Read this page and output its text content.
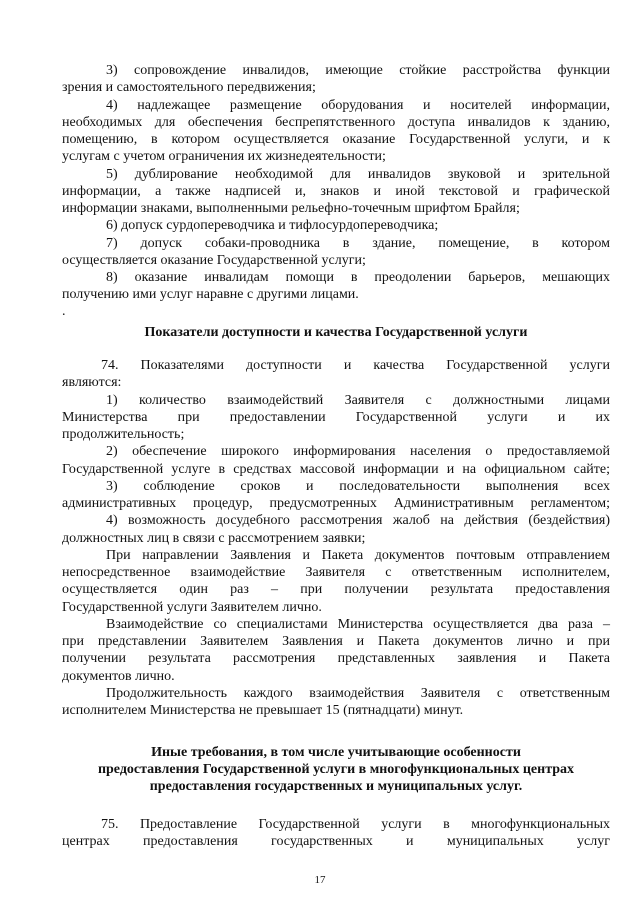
3) сопровождение инвалидов, имеющие стойкие расстройства функции
зрения и самостоятельного передвижения;
4) надлежащее размещение оборудования и носителей информации,
необходимых для обеспечения беспрепятственного доступа инвалидов к зданию,
помещению, в котором осуществляется оказание Государственной услуги, и к
услугам с учетом ограничения их жизнедеятельности;
5) дублирование необходимой для инвалидов звуковой и зрительной
информации, а также надписей и, знаков и иной текстовой и графической
информации знаками, выполненными рельефно-точечным шрифтом Брайля;
6) допуск сурдопереводчика и тифлосурдопереводчика;
7) допуск собаки-проводника в здание, помещение, в котором
осуществляется оказание Государственной услуги;
8) оказание инвалидам помощи в преодолении барьеров, мешающих
получению ими услуг наравне с другими лицами.
.
Показатели доступности и качества Государственной услуги
74. Показателями доступности и качества Государственной услуги
являются:
1) количество взаимодействий Заявителя с должностными лицами
Министерства при предоставлении Государственной услуги и их
продолжительность;
2) обеспечение широкого информирования населения о предоставляемой
Государственной услуге в средствах массовой информации и на официальном сайте;
3) соблюдение сроков и последовательности выполнения всех
административных процедур, предусмотренных Административным регламентом;
4) возможность досудебного рассмотрения жалоб на действия (бездействия)
должностных лиц в связи с рассмотрением заявки;
При направлении Заявления и Пакета документов почтовым отправлением
непосредственное взаимодействие Заявителя с ответственным исполнителем,
осуществляется один раз – при получении результата предоставления
Государственной услуги Заявителем лично.
Взаимодействие со специалистами Министерства осуществляется два раза –
при представлении Заявителем Заявления и Пакета документов лично и при
получении результата рассмотрения представленных заявления и Пакета
документов лично.
Продолжительность каждого взаимодействия Заявителя с ответственным
исполнителем Министерства не превышает 15 (пятнадцати) минут.
Иные требования, в том числе учитывающие особенности
предоставления Государственной услуги в многофункциональных центрах
предоставления государственных и муниципальных услуг.
75. Предоставление Государственной услуги в многофункциональных
центрах предоставления государственных и муниципальных услуг
17
